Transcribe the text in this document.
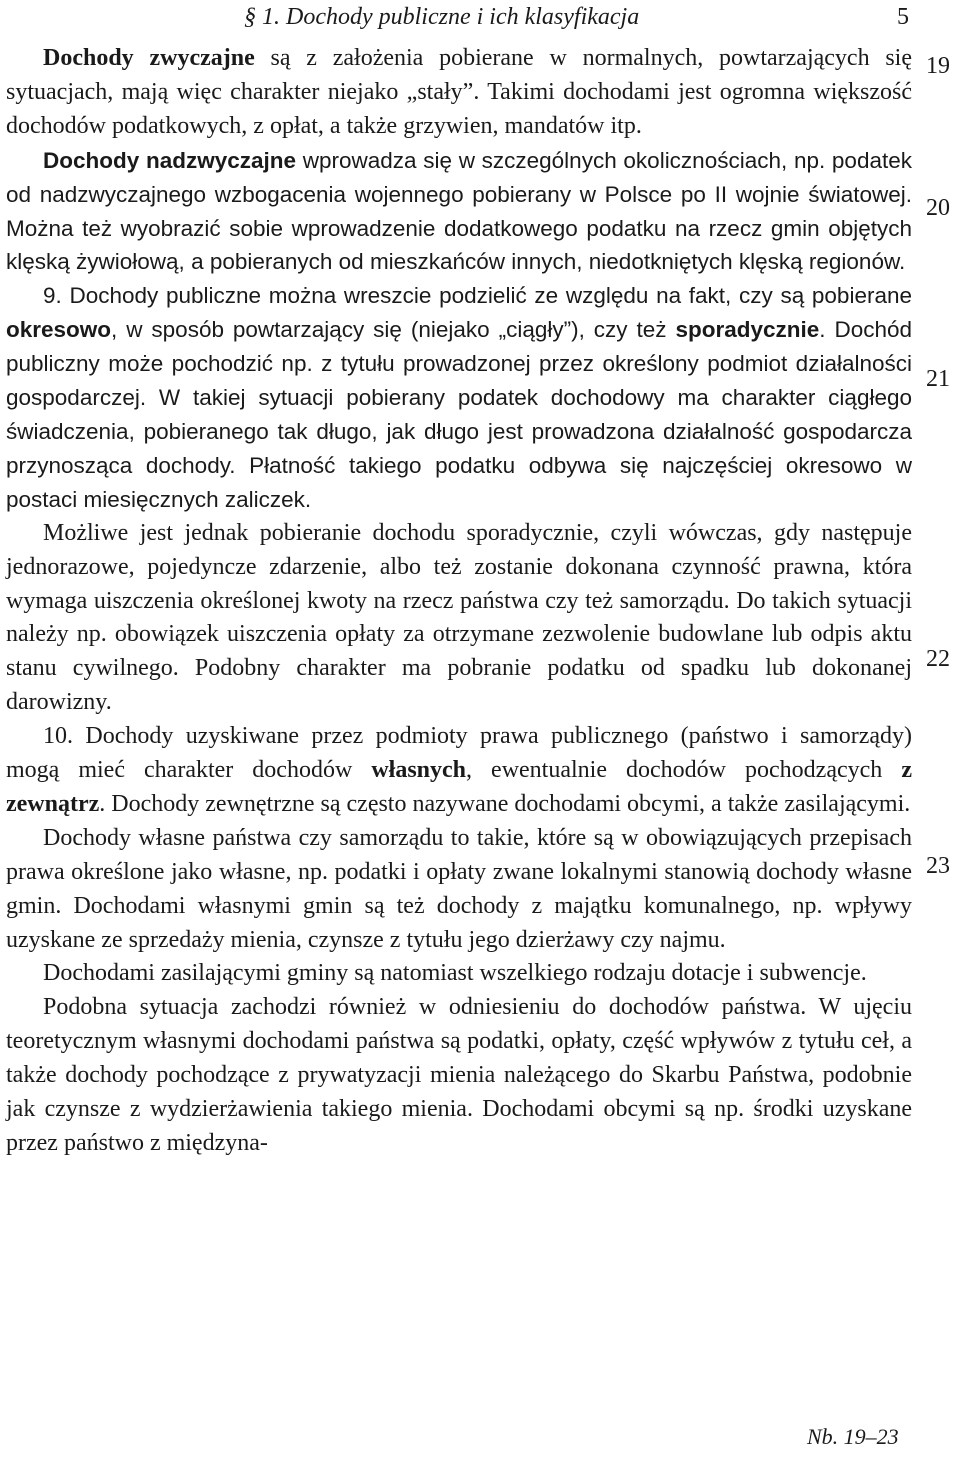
§ 1. Dochody publiczne i ich klasyfikacja	5

Dochody zwyczajne są z założenia pobierane w normalnych, powtarzających się sytuacjach, mają więc charakter niejako „stały”. Takimi dochodami jest ogromna większość dochodów podatkowych, z opłat, a także grzywien, mandatów itp.

Dochody nadzwyczajne wprowadza się w szczególnych okolicznościach, np. podatek od nadzwyczajnego wzbogacenia wojennego pobierany w Polsce po II wojnie światowej. Można też wyobrazić sobie wprowadzenie dodatkowego podatku na rzecz gmin objętych klęską żywiołową, a pobieranych od mieszkańców innych, niedotkniętych klęską regionów.

9. Dochody publiczne można wreszcie podzielić ze względu na fakt, czy są pobierane okresowo, w sposób powtarzający się (niejako „ciągły”), czy też sporadycznie. Dochód publiczny może pochodzić np. z tytułu prowadzonej przez określony podmiot działalności gospodarczej. W takiej sytuacji pobierany podatek dochodowy ma charakter ciągłego świadczenia, pobieranego tak długo, jak długo jest prowadzona działalność gospodarcza przynosząca dochody. Płatność takiego podatku odbywa się najczęściej okresowo w postaci miesięcznych zaliczek.

Możliwe jest jednak pobieranie dochodu sporadycznie, czyli wówczas, gdy następuje jednorazowe, pojedyncze zdarzenie, albo też zostanie dokonana czynność prawna, która wymaga uiszczenia określonej kwoty na rzecz państwa czy też samorządu. Do takich sytuacji należy np. obowiązek uiszczenia opłaty za otrzymane zezwolenie budowlane lub odpis aktu stanu cywilnego. Podobny charakter ma pobranie podatku od spadku lub dokonanej darowizny.

10. Dochody uzyskiwane przez podmioty prawa publicznego (państwo i samorządy) mogą mieć charakter dochodów własnych, ewentualnie dochodów pochodzących z zewnątrz. Dochody zewnętrzne są często nazywane dochodami obcymi, a także zasilającymi.

Dochody własne państwa czy samorządu to takie, które są w obowiązujących przepisach prawa określone jako własne, np. podatki i opłaty zwane lokalnymi stanowią dochody własne gmin. Dochodami własnymi gmin są też dochody z majątku komunalnego, np. wpływy uzyskane ze sprzedaży mienia, czynsze z tytułu jego dzierżawy czy najmu.

Dochodami zasilającymi gminy są natomiast wszelkiego rodzaju dotacje i subwencje.

Podobna sytuacja zachodzi również w odniesieniu do dochodów państwa. W ujęciu teoretycznym własnymi dochodami państwa są podatki, opłaty, część wpływów z tytułu ceł, a także dochody pochodzące z prywatyzacji mienia należącego do Skarbu Państwa, podobnie jak czynsze z wydzierżawienia takiego mienia. Dochodami obcymi są np. środki uzyskane przez państwo z międzyna-

19
20
21
22
23
Nb. 19–23
